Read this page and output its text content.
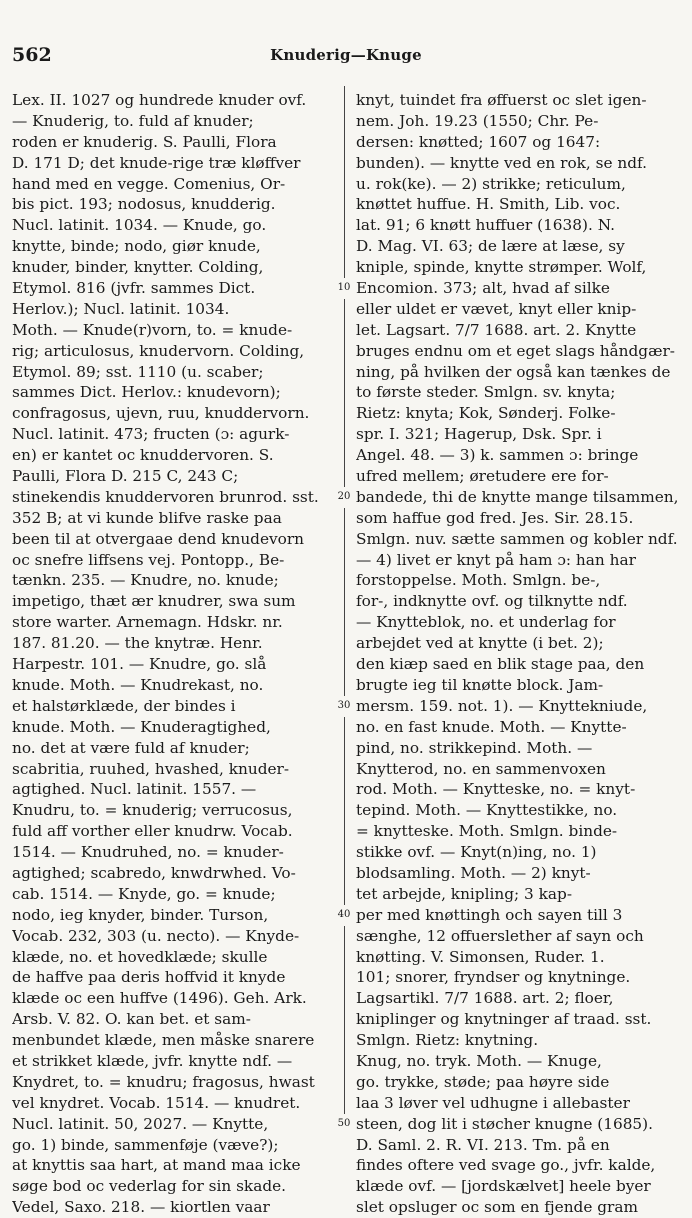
562	Knuderig—Knuge
Lex. II. 1027 og hundrede knuder ovf.
— Knuderig, to. fuld af knuder;
roden er knuderig. S. Paulli, Flora
D. 171 D; det knude-rige træ kløffver
hand med en vegge. Comenius, Or-
bis pict. 193; nodosus, knudderig.
Nucl. latinit. 1034. — Knude, go.
knytte, binde; nodo, giør knude,
knuder, binder, knytter. Colding,
Etymol. 816 (jvfr. sammes Dict.
Herlov.); Nucl. latinit. 1034.
Moth. — Knude(r)vorn, to. = knude-
rig; articulosus, knudervorn. Colding,
Etymol. 89; sst. 1110 (u. scaber;
sammes Dict. Herlov.: knudevorn);
confragosus, ujevn, ruu, knuddervorn.
Nucl. latinit. 473; fructen (ɔ: agurk-
en) er kantet oc knuddervoren. S.
Paulli, Flora D. 215 C, 243 C;
stinekendis knuddervoren brunrod. sst.
352 B; at vi kunde blifve raske paa
been til at otvergaae dend knudevorn
oc snefre liffsens vej. Pontopp., Be-
tænkn. 235. — Knudre, no. knude;
impetigo, thæt ær knudrer, swa sum
store warter. Arnemagn. Hdskr. nr.
187. 81.20. — the knytræ. Henr.
Harpestr. 101. — Knudre, go. slå
knude. Moth. — Knudrekast, no.
et halstørklæde, der bindes i
knude. Moth. — Knuderagtighed,
no. det at være fuld af knuder;
scabritia, ruuhed, hvashed, knuder-
agtighed. Nucl. latinit. 1557. —
Knudru, to. = knuderig; verrucosus,
fuld aff vorther eller knudrw. Vocab.
1514. — Knudruhed, no. = knuder-
agtighed; scabredo, knwdrwhed. Vo-
cab. 1514. — Knyde, go. = knude;
nodo, ieg knyder, binder. Turson,
Vocab. 232, 303 (u. necto). — Knyde-
klæde, no. et hovedklæde; skulle
de haffve paa deris hoffvid it knyde
klæde oc een huffve (1496). Geh. Ark.
Arsb. V. 82. O. kan bet. et sam-
menbundet klæde, men måske snarere
et strikket klæde, jvfr. knytte ndf. —
Knydret, to. = knudru; fragosus, hwast
vel knydret. Vocab. 1514. — knudret.
Nucl. latinit. 50, 2027. — Knytte,
go. 1) binde, sammenføje (væve?);
at knyttis saa hart, at mand maa icke
søge bod oc vederlag for sin skade.
Vedel, Saxo. 218. — kiortlen vaar
10
20
30
40
50
knyt, tuindet fra øffuerst oc slet igen-
nem. Joh. 19.23 (1550; Chr. Pe-
dersen: knøtted; 1607 og 1647:
bunden). — knytte ved en rok, se ndf.
u. rok(ke). — 2) strikke; reticulum,
knøttet huffue. H. Smith, Lib. voc.
lat. 91; 6 knøtt huffuer (1638). N.
D. Mag. VI. 63; de lære at læse, sy
kniple, spinde, knytte strømper. Wolf,
Encomion. 373; alt, hvad af silke
eller uldet er vævet, knyt eller knip-
let. Lagsart. 7/7 1688. art. 2. Knytte
bruges endnu om et eget slags håndgær-
ning, på hvilken der også kan tænkes de
to første steder. Smlgn. sv. knyta;
Rietz: knyta; Kok, Sønderj. Folke-
spr. I. 321; Hagerup, Dsk. Spr. i
Angel. 48. — 3) k. sammen ɔ: bringe
ufred mellem; øretudere ere for-
bandede, thi de knytte mange tilsammen,
som haffue god fred. Jes. Sir. 28.15.
Smlgn. nuv. sætte sammen og kobler ndf.
— 4) livet er knyt på ham ɔ: han har
forstoppelse. Moth. Smlgn. be-,
for-, indknytte ovf. og tilknytte ndf.
— Knytteblok, no. et underlag for
arbejdet ved at knytte (i bet. 2);
den kiæp saed en blik stage paa, den
brugte ieg til knøtte block. Jam-
mersm. 159. not. 1). — Knyttekniude,
no. en fast knude. Moth. — Knytte-
pind, no. strikkepind. Moth. —
Knytterod, no. en sammenvoxen
rod. Moth. — Knytteske, no. = knyt-
tepind. Moth. — Knyttestikke, no.
= knytteske. Moth. Smlgn. binde-
stikke ovf. — Knyt(n)ing, no. 1)
blodsamling. Moth. — 2) knyt-
tet arbejde, knipling; 3 kap-
per med knøttingh och sayen till 3
sænghe, 12 offuerslether af sayn och
knøtting. V. Simonsen, Ruder. 1.
101; snorer, fryndser og knytninge.
Lagsartikl. 7/7 1688. art. 2; floer,
kniplinger og knytninger af traad. sst.
Smlgn. Rietz: knytning.
Knug, no. tryk. Moth. — Knuge,
go. trykke, støde; paa høyre side
laa 3 løver vel udhugne i allebaster
steen, dog lit i støcher knugne (1685).
D. Saml. 2. R. VI. 213. Tm. på en
findes oftere ved svage go., jvfr. kalde,
klæde ovf. — [jordskælvet] heele byer
slet opsluger oc som en fjende gram
